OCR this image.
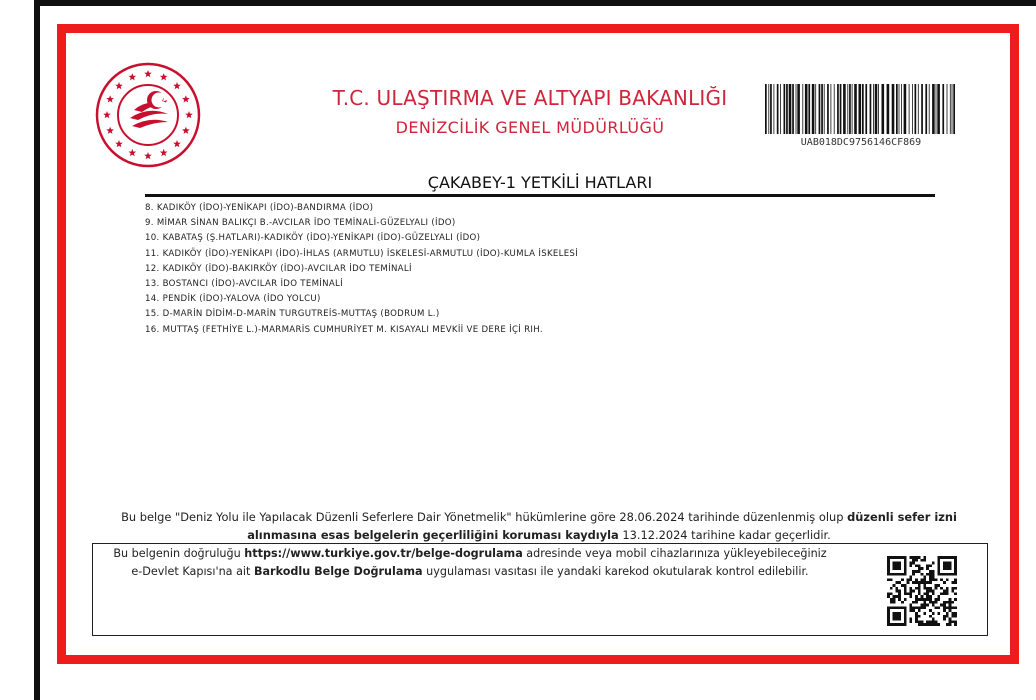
T.C. ULAŞTIRMA VE ALTYAPI BAKANLIĞI
DENİZCİLİK GENEL MÜDÜRLÜĞÜ
UAB018DC9756146CF869
ÇAKABEY-1 YETKİLİ HATLARI
8. KADIKÖY (İDO)-YENİKAPI (İDO)-BANDIRMA (İDO)
9. MİMAR SİNAN BALIKÇI B.-AVCILAR İDO TEMİNALİ-GÜZELYALI (İDO)
10. KABATAŞ (Ş.HATLARI)-KADIKÖY (İDO)-YENİKAPI (İDO)-GÜZELYALI (İDO)
11. KADIKÖY (İDO)-YENİKAPI (İDO)-İHLAS (ARMUTLU) İSKELESİ-ARMUTLU (İDO)-KUMLA İSKELESİ
12. KADIKÖY (İDO)-BAKIRKÖY (İDO)-AVCILAR İDO TEMİNALİ
13. BOSTANCI (İDO)-AVCILAR İDO TEMİNALİ
14. PENDİK (İDO)-YALOVA (İDO YOLCU)
15. D-MARİN DİDİM-D-MARİN TURGUTREİS-MUTTAŞ (BODRUM L.)
16. MUTTAŞ (FETHİYE L.)-MARMARİS CUMHURİYET M. KISAYALI MEVKİİ VE DERE İÇİ RIH.
Bu belge "Deniz Yolu ile Yapılacak Düzenli Seferlere Dair Yönetmelik" hükümlerine göre 28.06.2024 tarihinde düzenlenmiş olup düzenli sefer izni alınmasına esas belgelerin geçerliliğini koruması kaydıyla 13.12.2024 tarihine kadar geçerlidir.
Bu belgenin doğruluğu https://www.turkiye.gov.tr/belge-dogrulama adresinde veya mobil cihazlarınıza yükleyebileceğiniz e-Devlet Kapısı'na ait Barkodlu Belge Doğrulama uygulaması vasıtası ile yandaki karekod okutularak kontrol edilebilir.
